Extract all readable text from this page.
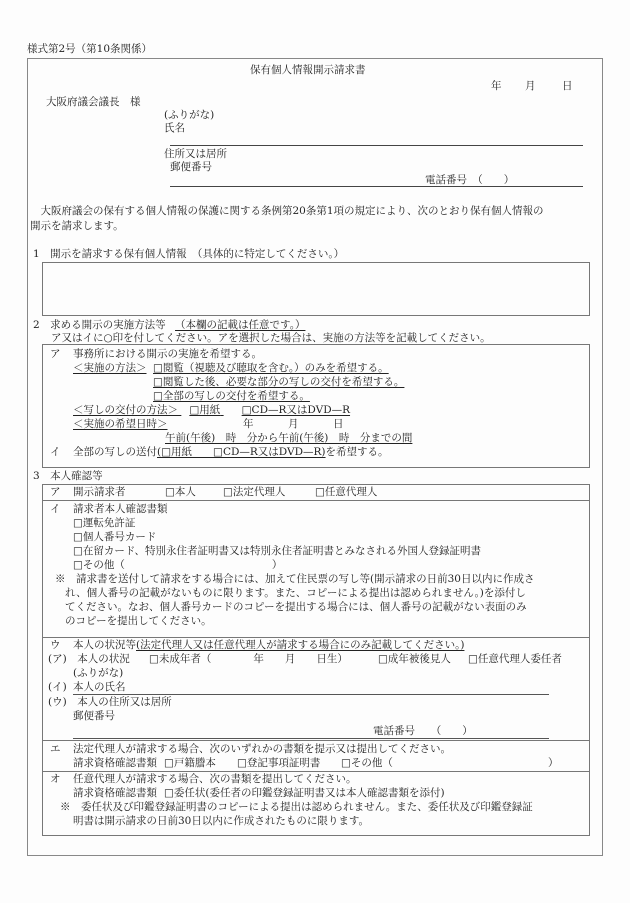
様式第2号（第10条関係）
保有個人情報開示請求書
年 月	日
大阪府議会議長　様
(ふりがな)
氏名
住所又は居所
郵便番号
電話番号　（　　）
　大阪府議会の保有する個人情報の保護に関する条例第20条第1項の規定により、次のとおり保有個人情報の
開示を請求します。
1　開示を請求する保有個人情報　（具体的に特定してください。）
2　求める開示の実施方法等 （本欄の記載は任意です。）
ア又はイに○印を付してください。アを選択した場合は、実施の方法等を記載してください。
ア 事務所における開示の実施を希望する。
＜実施の方法＞ □閲覧（視聴及び聴取を含む。）のみを希望する。
□閲覧した後、必要な部分の写しの交付を希望する。
□全部の写しの交付を希望する。
＜写しの交付の方法＞ □用紙 □CD—R又はDVD—R
＜実施の希望日時＞	年	月	日
午前(午後)　時　分から午前(午後)　時　分までの間
イ 全部の写しの送付(□用紙　　□CD—R又はDVD—R)を希望する。
3　本人確認等
ア 開示請求者	□本人	□法定代理人	□任意代理人
イ 請求者本人確認書類
□運転免許証
□個人番号カード
□在留カード、特別永住者証明書又は特別永住者証明書とみなされる外国人登録証明書
□その他（　　　　　　　　　　　　　　）
※　請求書を送付して請求をする場合には、加えて住民票の写し等(開示請求の日前30日以内に作成さ
れ、個人番号の記載がないものに限ります。また、コピーによる提出は認められません。)を添付し
てください。なお、個人番号カードのコピーを提出する場合には、個人番号の記載がない表面のみ
のコピーを提出してください。
ウ 本人の状況等(法定代理人又は任意代理人が請求する場合にのみ記載してください。)
(ア)　本人の状況 □未成年者（　　　　年　　月　　日生）	□成年被後見人 □任意代理人委任者
(ふりがな)
(イ) 本人の氏名
(ウ)　本人の住所又は居所
郵便番号
電話番号　　（　　）
エ 法定代理人が請求する場合、次のいずれかの書類を提示又は提出してください。
請求資格確認書類 □戸籍謄本 □登記事項証明書 □その他（	）
オ 任意代理人が請求する場合、次の書類を提出してください。
請求資格確認書類 □委任状(委任者の印鑑登録証明書又は本人確認書類を添付)
※　委任状及び印鑑登録証明書のコピーによる提出は認められません。また、委任状及び印鑑登録証
明書は開示請求の日前30日以内に作成されたものに限ります。
